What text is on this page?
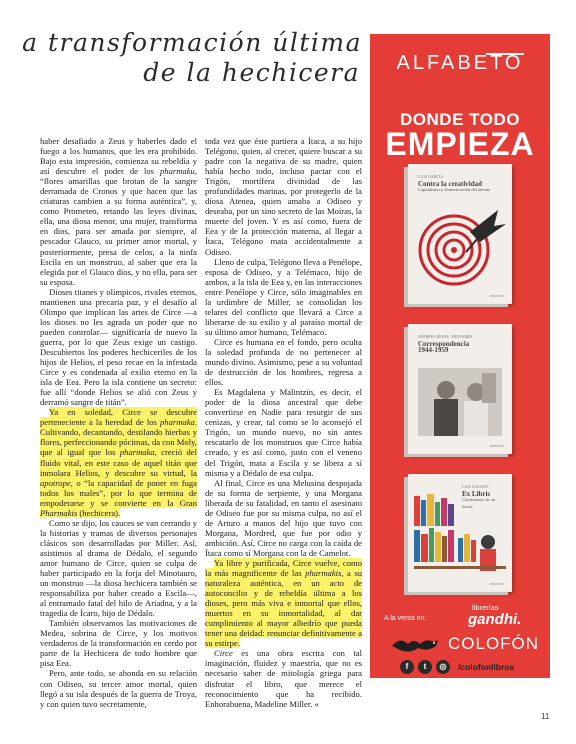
a transformación última
de la hechicera

haber desafiado a Zeus y haberles dado el fuego a los humanos, que les era prohibido. Bajo esta impresión, comienza su rebeldía y así descubre el poder de los pharmaku, “flores amarillas que brotan de la sangre derramada de Cronos y que hacen que las criaturas cambien a su forma auténtica”, y, como Prometeo, retando las leyes divinas, ella, una diosa menor, una mujer, transforma en dios, para ser amada por siempre, al pescador Glauco, su primer amor mortal, y posteriormente, presa de celos, a la ninfa Escila en un monstruo, al saber que era la elegida por el Glauco dios, y no ella, para ser su esposa.

Dioses titanes y olímpicos, rivales eternos, mantienen una precaria paz, y el desafío al Olimpo que implican las artes de Circe —a los dioses no les agrada un poder que no pueden controlar— significaría de nuevo la guerra, por lo que Zeus exige un castigo. Descubiertos los poderes hechiceriles de los hijos de Helios, el peso recae en la infestada Circe y es condenada al exilio eterno en la isla de Eea. Pero la isla contiene un secreto: fue allí “donde Helios se alió con Zeus y derramó sangre de titán”.

Ya en soledad, Circe se descubre perteneciente a la heredad de los pharmaka. Cultivando, decantando, destilando hierbas y flores, perfeccionando pócimas, da con Moly, que al igual que los pharmaka, creció del fluido vital, en este caso de aquel titán que inmolara Helios, y descubre su virtud, la apotrope, o “la capacidad de poner en fuga todos los males”, por lo que termina de empoderarse y se convierte en la Gran Pharmakis (hechicera).

Como se dijo, los cauces se van cerrando y la historias y tramas de diversos personajes clásicos son desarrolladas por Miller. Así, asistimos al drama de Dédalo, el segundo amor humano de Circe, quien se culpa de haber participado en la forja del Minotauro, un monstruo —la diosa hechicera también se responsabiliza por haber creado a Escila—, al entramado fatal del hilo de Ariadna, y a la tragedia de Ícaro, hijo de Dédalo.

También observamos las motivaciones de Medea, sobrina de Circe, y los motivos verdaderos de la transformación en cerdo por parte de la Hechicera de todo hombre que pisa Eea.

Pero, ante todo, se ahonda en su relación con Odiseo, su tercer amor mortal, quien llegó a su isla después de la guerra de Troya, y con quien tuvo secretamente,

toda vez que éste partiera a Ítaca, a su hijo Telégono, quien, al crecer, quiere buscar a su padre con la negativa de su madre, quien había hecho todo, incluso pactar con el Trigón, mortífera divinidad de las profundidades marinas, por protegerlo de la diosa Atenea, quien amaba a Odiseo y deseaba, por un sino secreto de las Moiras, la muerte del joven. Y es así como, fuera de Eea y de la protección materna, al llegar a Ítaca, Telégono mata accidentalmente a Odiseo.

Lleno de culpa, Telégono lleva a Penélope, esposa de Odiseo, y a Telémaco, hijo de ambos, a la isla de Eea y, en las interacciones entre Penélope y Circe, sólo imaginables en la urdimbre de Miller, se consolidan los telares del conflicto que llevará a Circe a liberarse de su exilio y al paraíso mortal de su último amor humano, Telémaco.

Circe es humana en el fondo, pero oculta la soledad profunda de no pertenecer al mundo divino. Asimismo, pese a su voluntad de destrucción de los hombres, regresa a ellos.

Es Magdalena y Malintzin, es decir, el poder de la diosa ancestral que debe convertirse en Nadie para resurgir de sus cenizas, y crear, tal como se lo aconsejó el Trigón, un mundo nuevo, no sin antes rescatarlo de los monstruos que Circe había creado, y es así como, justo con el veneno del Trigón, mata a Escila y se libera a sí misma y a Dédalo de esa culpa.

Al final, Circe es una Melusina despojada de su forma de serpiente, y una Morgana liberada de su fatalidad, en tanto el asesinato de Odiseo fue por su misma culpa, no así el de Arturo a manos del hijo que tuvo con Morgana, Mordred, que fue por odio y ambición. Así, Circe no carga con la caída de Ítaca como sí Morgana con la de Camelot.

Ya libre y purificada, Circe vuelve, como la más magnificente de las pharmakis, a su naturaleza auténtica, en un acto de autoconcilio y de rebeldía última a los dioses, pero más viva e inmortal que ellos, muertos en su inmortalidad, al dar cumplimiento al mayor albedrío que pueda tener una deidad: renunciar definitivamente a su estirpe.

Circe es una obra escrita con tal imaginación, fluidez y maestría, que no es necesario saber de mitología griega para disfrutar el libro, que merece el reconocimiento que ha recibido. Enhorabuena, Madeline Miller. «

ALFABETO
DONDE TODO
EMPIEZA
LUIS GARCÍA
Contra la creatividad
Capitalismo y domesticación del talento
alfabeto
ADORNO-MANN · BENJAMIN
Correspondencia 1944-1959
alfabeto
LUIS LOZANO
Ex Libris
Confesiones de un lector
alfabeto
A la venta en:
librerías
gandhi.
COLOFÓN
f	t	◎	/colofonlibros
11
